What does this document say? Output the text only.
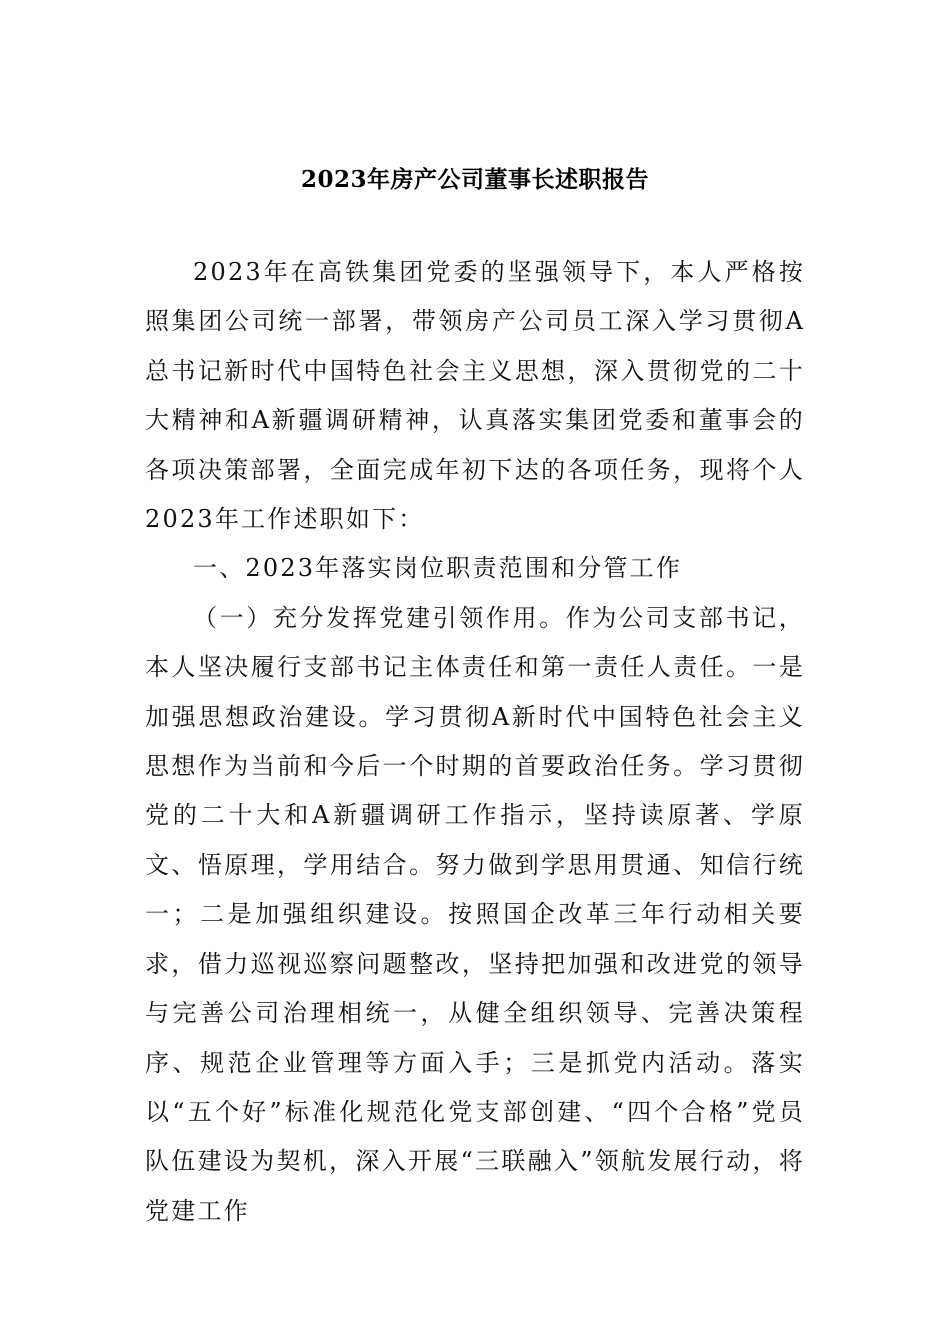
2023年房产公司董事长述职报告

2023年在高铁集团党委的坚强领导下，本人严格按照集团公司统一部署，带领房产公司员工深入学习贯彻A总书记新时代中国特色社会主义思想，深入贯彻党的二十大精神和A新疆调研精神，认真落实集团党委和董事会的各项决策部署，全面完成年初下达的各项任务，现将个人2023年工作述职如下：

一、2023年落实岗位职责范围和分管工作

（一）充分发挥党建引领作用。作为公司支部书记，本人坚决履行支部书记主体责任和第一责任人责任。一是加强思想政治建设。学习贯彻A新时代中国特色社会主义思想作为当前和今后一个时期的首要政治任务。学习贯彻党的二十大和A新疆调研工作指示，坚持读原著、学原文、悟原理，学用结合。努力做到学思用贯通、知信行统一；二是加强组织建设。按照国企改革三年行动相关要求，借力巡视巡察问题整改，坚持把加强和改进党的领导与完善公司治理相统一，从健全组织领导、完善决策程序、规范企业管理等方面入手；三是抓党内活动。落实以“五个好”标准化规范化党支部创建、“四个合格”党员队伍建设为契机，深入开展“三联融入”领航发展行动，将党建工作
